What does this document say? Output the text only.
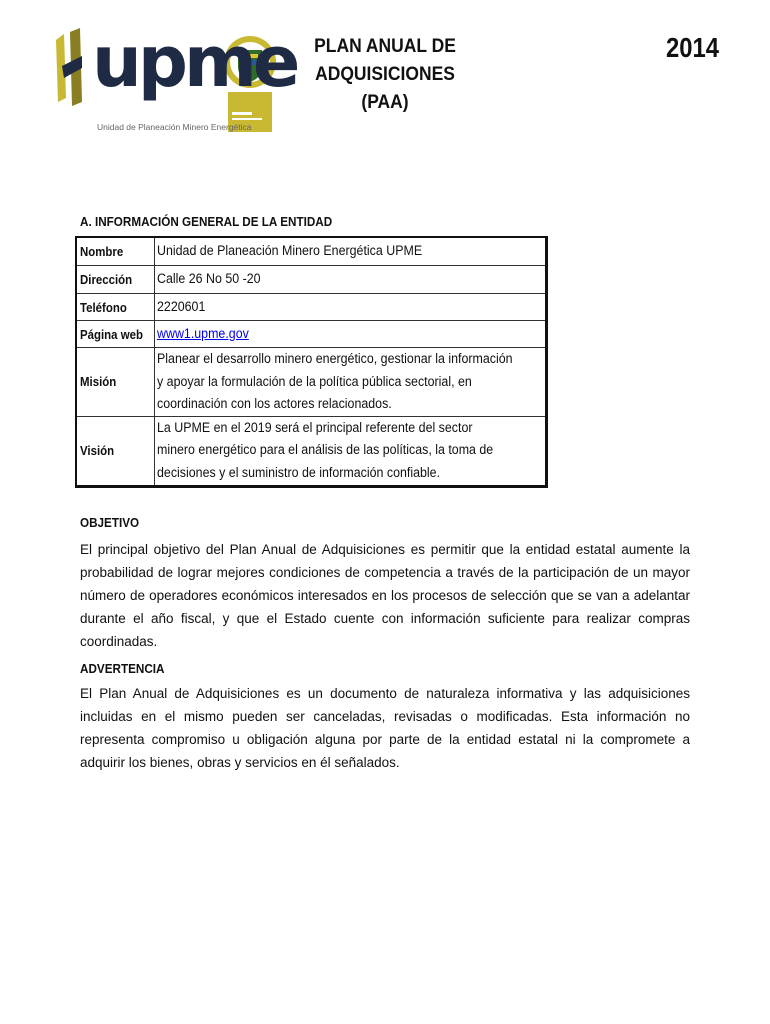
upme
Unidad de Planeación Minero Energética
PLAN ANUAL DE ADQUISICIONES (PAA)
2014
A. INFORMACIÓN GENERAL DE LA ENTIDAD
Nombre	Unidad de Planeación Minero Energética UPME
Dirección	Calle 26 No 50 -20
Teléfono	2220601
Página web	www1.upme.gov
Misión	Planear el desarrollo minero energético, gestionar la información
y apoyar la formulación de la política pública sectorial, en
coordinación con los actores relacionados.

Visión	La UPME en el 2019 será el principal referente del sector
minero energético para el análisis de las políticas, la toma de
decisiones y el suministro de información confiable.
OBJETIVO
El principal objetivo del Plan Anual de Adquisiciones es permitir que la entidad estatal aumente la probabilidad de lograr mejores condiciones de competencia a través de la participación de un mayor número de operadores económicos interesados en los procesos de selección que se van a adelantar durante el año fiscal, y que el Estado cuente con información suficiente para realizar compras coordinadas.
ADVERTENCIA
El Plan Anual de Adquisiciones es un documento de naturaleza informativa y las adquisiciones incluidas en el mismo pueden ser canceladas, revisadas o modificadas. Esta información no representa compromiso u obligación alguna por parte de la entidad estatal ni la compromete a adquirir los bienes, obras y servicios en él señalados.
